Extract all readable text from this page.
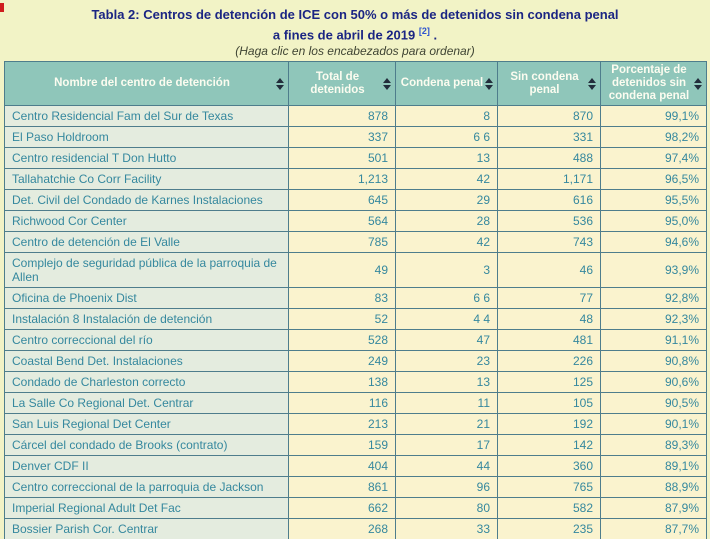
Tabla 2: Centros de detención de ICE con 50% o más de detenidos sin condena penal
a fines de abril de 2019 [2] .
(Haga clic en los encabezados para ordenar)
Nombre del centro de detención	Total de detenidos	Condena penal	Sin condena penal	Porcentaje de detenidos sin condena penal

Centro Residencial Fam del Sur de Texas	878	8	870	99,1%
El Paso Holdroom	337	6 6	331	98,2%
Centro residencial T Don Hutto	501	13	488	97,4%
Tallahatchie Co Corr Facility	1,213	42	1,171	96,5%
Det. Civil del Condado de Karnes Instalaciones	645	29	616	95,5%
Richwood Cor Center	564	28	536	95,0%
Centro de detención de El Valle	785	42	743	94,6%
Complejo de seguridad pública de la parroquia de Allen	49	3	46	93,9%
Oficina de Phoenix Dist	83	6 6	77	92,8%
Instalación 8 Instalación de detención	52	4 4	48	92,3%
Centro correccional del río	528	47	481	91,1%
Coastal Bend Det. Instalaciones	249	23	226	90,8%
Condado de Charleston correcto	138	13	125	90,6%
La Salle Co Regional Det. Centrar	116	11	105	90,5%
San Luis Regional Det Center	213	21	192	90,1%
Cárcel del condado de Brooks (contrato)	159	17	142	89,3%
Denver CDF II	404	44	360	89,1%
Centro correccional de la parroquia de Jackson	861	96	765	88,9%
Imperial Regional Adult Det Fac	662	80	582	87,9%
Bossier Parish Cor. Centrar	268	33	235	87,7%
